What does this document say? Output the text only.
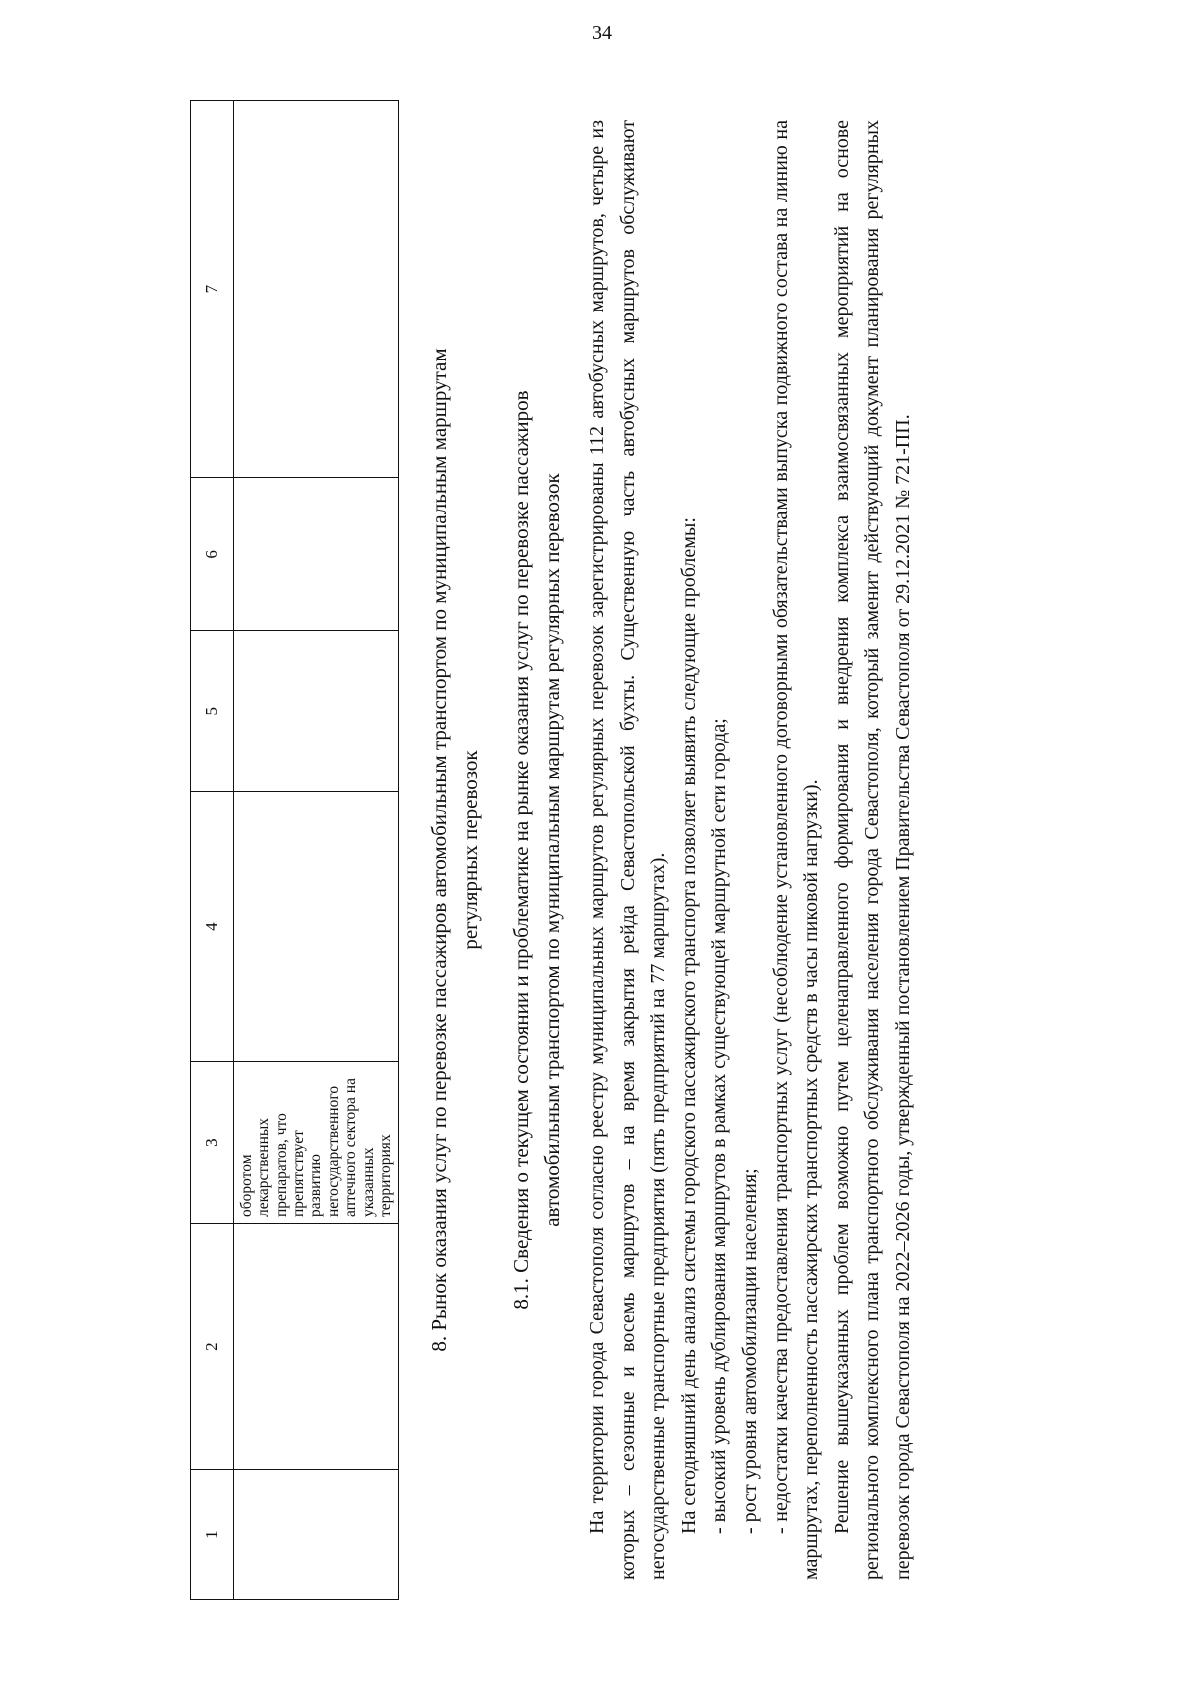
34
1	2	3	4	5	6	7
		оборотом лекарственных препаратов, что препятствует развитию негосударственного аптечного сектора на указанных территориях				8. Рынок оказания услуг по перевозке пассажиров автомобильным транспортом по муниципальным маршрутам регулярных перевозок 8.1. Сведения о текущем состоянии и проблематике на рынке оказания услуг по перевозке пассажиров автомобильным транспортом по муниципальным маршрутам регулярных перевозок На территории города Севастополя согласно реестру муниципальных маршрутов регулярных перевозок зарегистрированы 112 автобусных маршрутов, четыре из которых – сезонные и восемь маршрутов – на время закрытия рейда Севастопольской бухты. Существенную часть автобусных маршрутов обслуживают негосударственные транспортные предприятия (пять предприятий на 77 маршрутах). На сегодняшний день анализ системы городского пассажирского транспорта позволяет выявить следующие проблемы: - высокий уровень дублирования маршрутов в рамках существующей маршрутной сети города; - рост уровня автомобилизации населения; - недостатки качества предоставления транспортных услуг (несоблюдение установленного договорными обязательствами выпуска подвижного состава на линию на маршрутах, переполненность пассажирских транспортных средств в часы пиковой нагрузки). Решение вышеуказанных проблем возможно путем целенаправленного формирования и внедрения комплекса взаимосвязанных мероприятий на основе регионального комплексного плана транспортного обслуживания населения города Севастополя, который заменит действующий документ планирования регулярных перевозок города Севастополя на 2022–2026 годы, утвержденный постановлением Правительства Севастополя от 29.12.2021 № 721-ПП.
